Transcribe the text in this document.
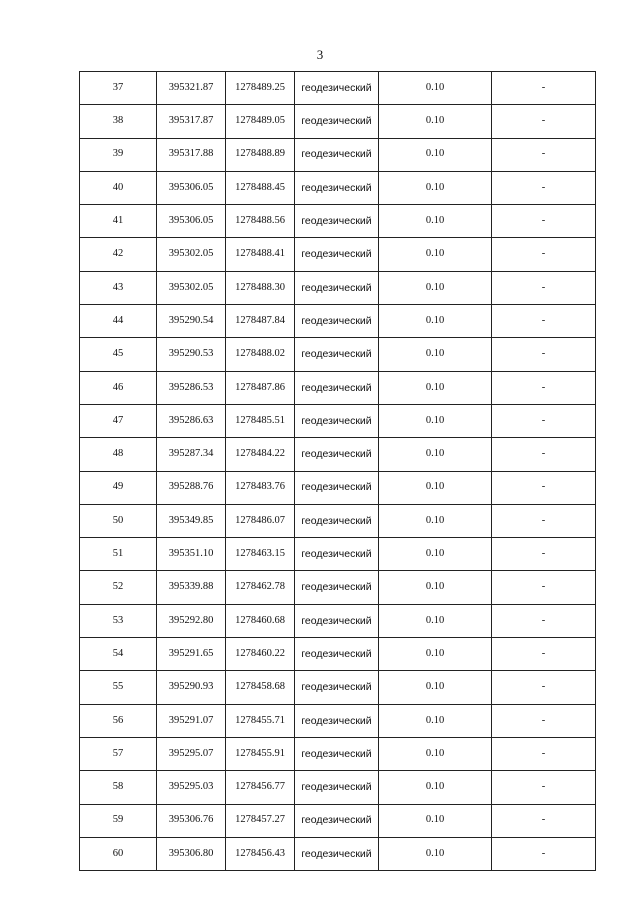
3
37	395321.87	1278489.25	геодезический	0.10	-
38	395317.87	1278489.05	геодезический	0.10	-
39	395317.88	1278488.89	геодезический	0.10	-
40	395306.05	1278488.45	геодезический	0.10	-
41	395306.05	1278488.56	геодезический	0.10	-
42	395302.05	1278488.41	геодезический	0.10	-
43	395302.05	1278488.30	геодезический	0.10	-
44	395290.54	1278487.84	геодезический	0.10	-
45	395290.53	1278488.02	геодезический	0.10	-
46	395286.53	1278487.86	геодезический	0.10	-
47	395286.63	1278485.51	геодезический	0.10	-
48	395287.34	1278484.22	геодезический	0.10	-
49	395288.76	1278483.76	геодезический	0.10	-
50	395349.85	1278486.07	геодезический	0.10	-
51	395351.10	1278463.15	геодезический	0.10	-
52	395339.88	1278462.78	геодезический	0.10	-
53	395292.80	1278460.68	геодезический	0.10	-
54	395291.65	1278460.22	геодезический	0.10	-
55	395290.93	1278458.68	геодезический	0.10	-
56	395291.07	1278455.71	геодезический	0.10	-
57	395295.07	1278455.91	геодезический	0.10	-
58	395295.03	1278456.77	геодезический	0.10	-
59	395306.76	1278457.27	геодезический	0.10	-
60	395306.80	1278456.43	геодезический	0.10	-
